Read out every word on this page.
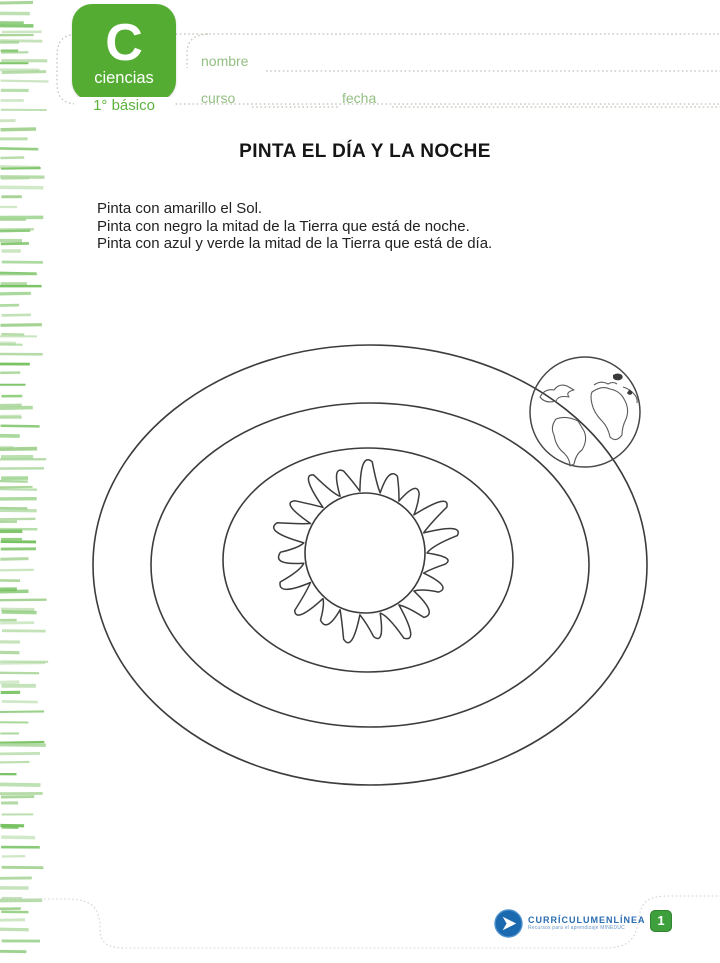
C
ciencias
1° básico
nombre
curso	fecha
PINTA EL DÍA Y LA NOCHE
Pinta con amarillo el Sol.
Pinta con negro la mitad de la Tierra que está de noche.
Pinta con azul y verde la mitad de la Tierra que está de día.
CURRÍCULUMENLÍNEA
Recursos para el aprendizaje MINEDUC	1
